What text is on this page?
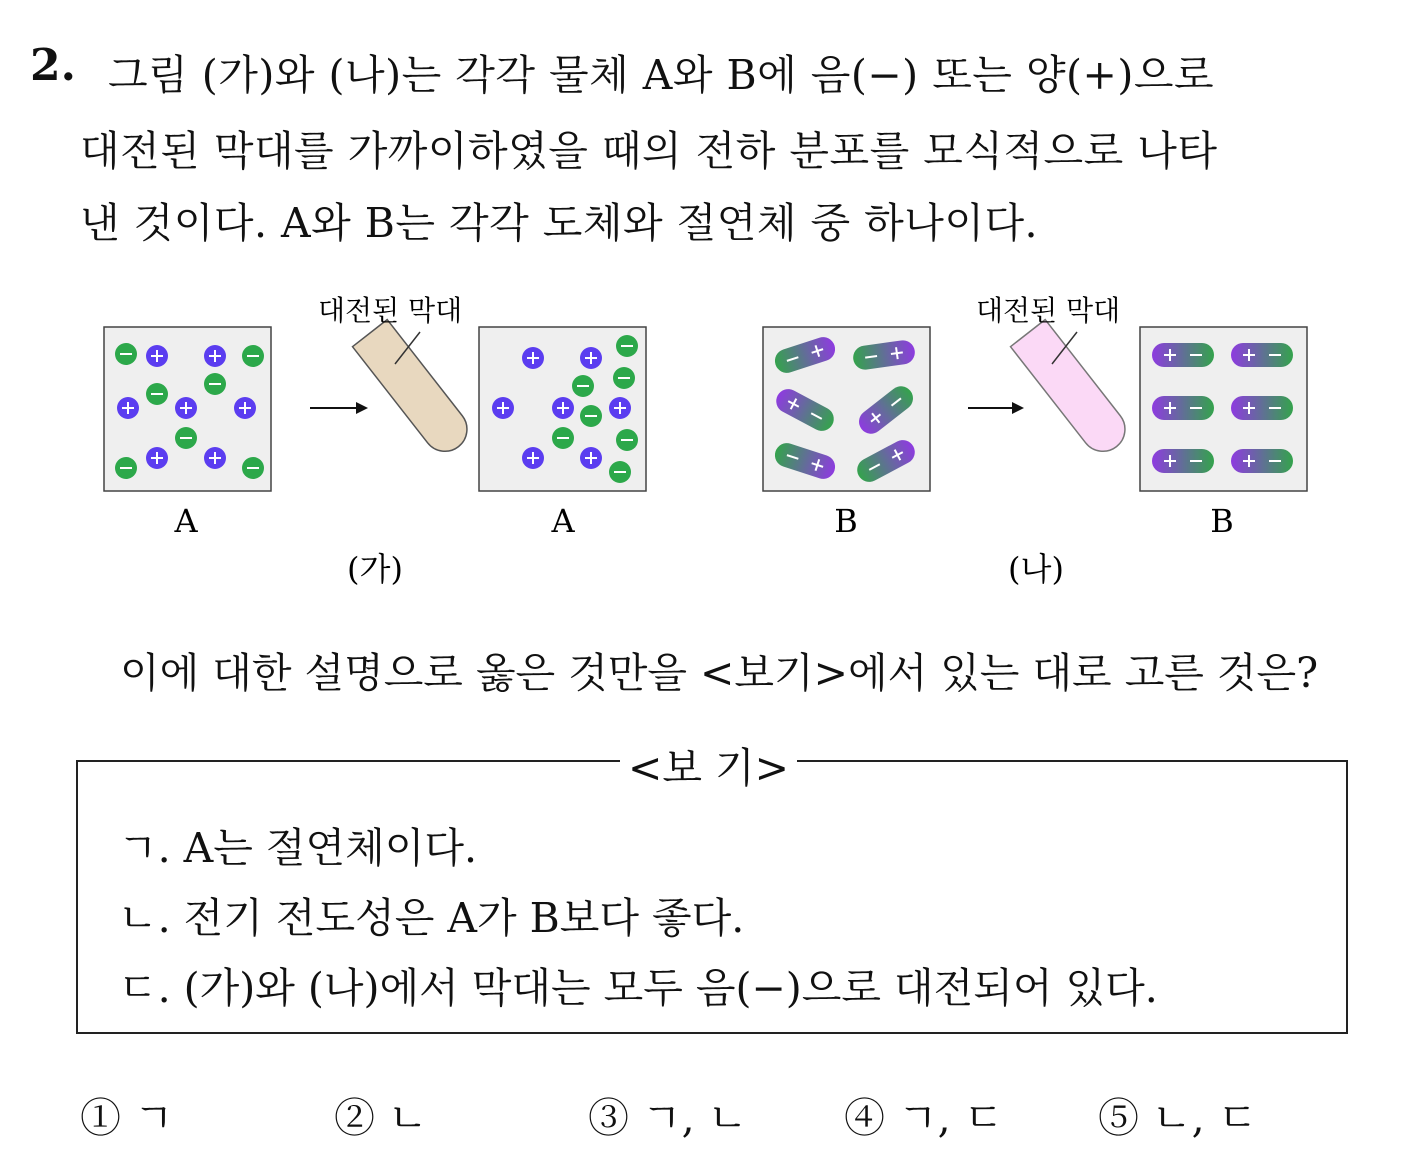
2. 그림 (가)와 (나)는 각각 물체 A와 B에 음(−) 또는 양(+)으로
대전된 막대를 가까이하였을 때의 전하 분포를 모식적으로 나타
낸 것이다. A와 B는 각각 도체와 절연체 중 하나이다.
대전된 막대
A	A
(가)
대전된 막대
B	B
(나)
이에 대한 설명으로 옳은 것만을 <보기>에서 있는 대로 고른 것은?
<보 기>
ㄱ. A는 절연체이다.
ㄴ. 전기 전도성은 A가 B보다 좋다.
ㄷ. (가)와 (나)에서 막대는 모두 음(−)으로 대전되어 있다.
① ㄱ	② ㄴ	③ ㄱ, ㄴ ④ ㄱ, ㄷ ⑤ ㄴ, ㄷ
